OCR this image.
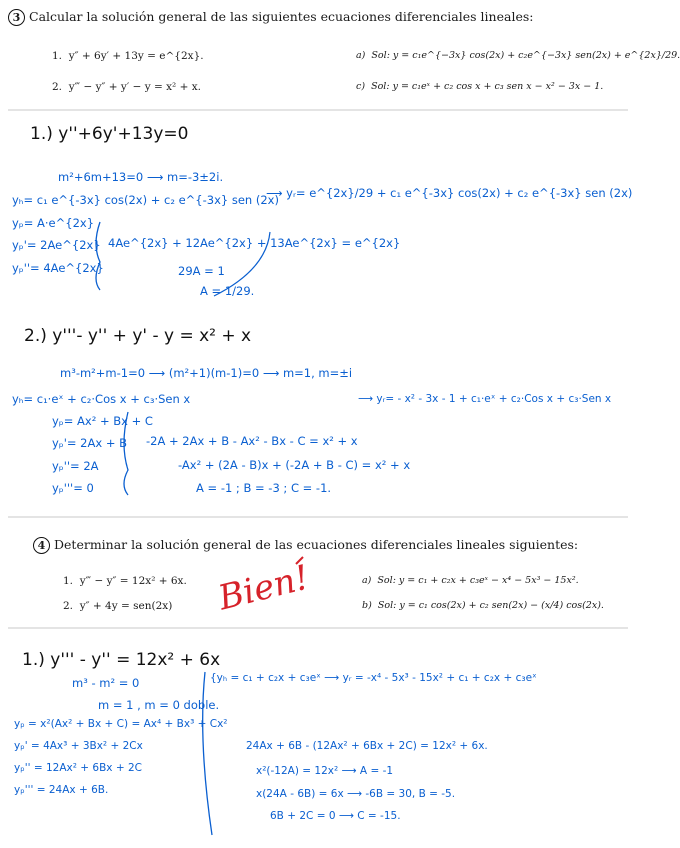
3 Calcular la solución general de las siguientes ecuaciones diferenciales lineales:
1. y″ + 6y′ + 13y = e^{2x}.	a) Sol: y = c₁e^{−3x} cos(2x) + c₂e^{−3x} sen(2x) + e^{2x}/29.
2. y‴ − y″ + y′ − y = x² + x.	c) Sol: y = c₁eˣ + c₂ cos x + c₃ sen x − x² − 3x − 1.
1.) y''+6y'+13y=0
m²+6m+13=0 ⟶ m=-3±2i.
yₕ= c₁ e^{-3x} cos(2x) + c₂ e^{-3x} sen (2x)
⟶ yᵣ= e^{2x}/29 + c₁ e^{-3x} cos(2x) + c₂ e^{-3x} sen (2x)
yₚ= A·e^{2x}
yₚ'= 2Ae^{2x}
yₚ''= 4Ae^{2x}
4Ae^{2x} + 12Ae^{2x} + 13Ae^{2x} = e^{2x}
29A = 1
A = 1/29.
2.) y'''- y'' + y' - y = x² + x
m³-m²+m-1=0 ⟶ (m²+1)(m-1)=0 ⟶ m=1, m=±i
yₕ= c₁·eˣ + c₂·Cos x + c₃·Sen x	⟶ yᵣ= - x² - 3x - 1 + c₁·eˣ + c₂·Cos x + c₃·Sen x
yₚ= Ax² + Bx + C
yₚ'= 2Ax + B
yₚ''= 2A
yₚ'''= 0
-2A + 2Ax + B - Ax² - Bx - C = x² + x
-Ax² + (2A - B)x + (-2A + B - C) = x² + x
A = -1 ; B = -3 ; C = -1.
4 Determinar la solución general de las ecuaciones diferenciales lineales siguientes:
1. y‴ − y″ = 12x² + 6x.	a) Sol: y = c₁ + c₂x + c₃eˣ − x⁴ − 5x³ − 15x².
2. y″ + 4y = sen(2x)	b) Sol: y = c₁ cos(2x) + c₂ sen(2x) − (x/4) cos(2x).
Bien!
1.) y''' - y'' = 12x² + 6x
m³ - m² = 0
m = 1 , m = 0 doble.
yₚ = x²(Ax² + Bx + C) = Ax⁴ + Bx³ + Cx²
yₚ' = 4Ax³ + 3Bx² + 2Cx
yₚ'' = 12Ax² + 6Bx + 2C
yₚ''' = 24Ax + 6B.
{yₕ = c₁ + c₂x + c₃eˣ ⟶ yᵣ = -x⁴ - 5x³ - 15x² + c₁ + c₂x + c₃eˣ
24Ax + 6B - (12Ax² + 6Bx + 2C) = 12x² + 6x.
x²(-12A) = 12x² ⟶ A = -1
x(24A - 6B) = 6x ⟶ -6B = 30, B = -5.
6B + 2C = 0 ⟶ C = -15.
